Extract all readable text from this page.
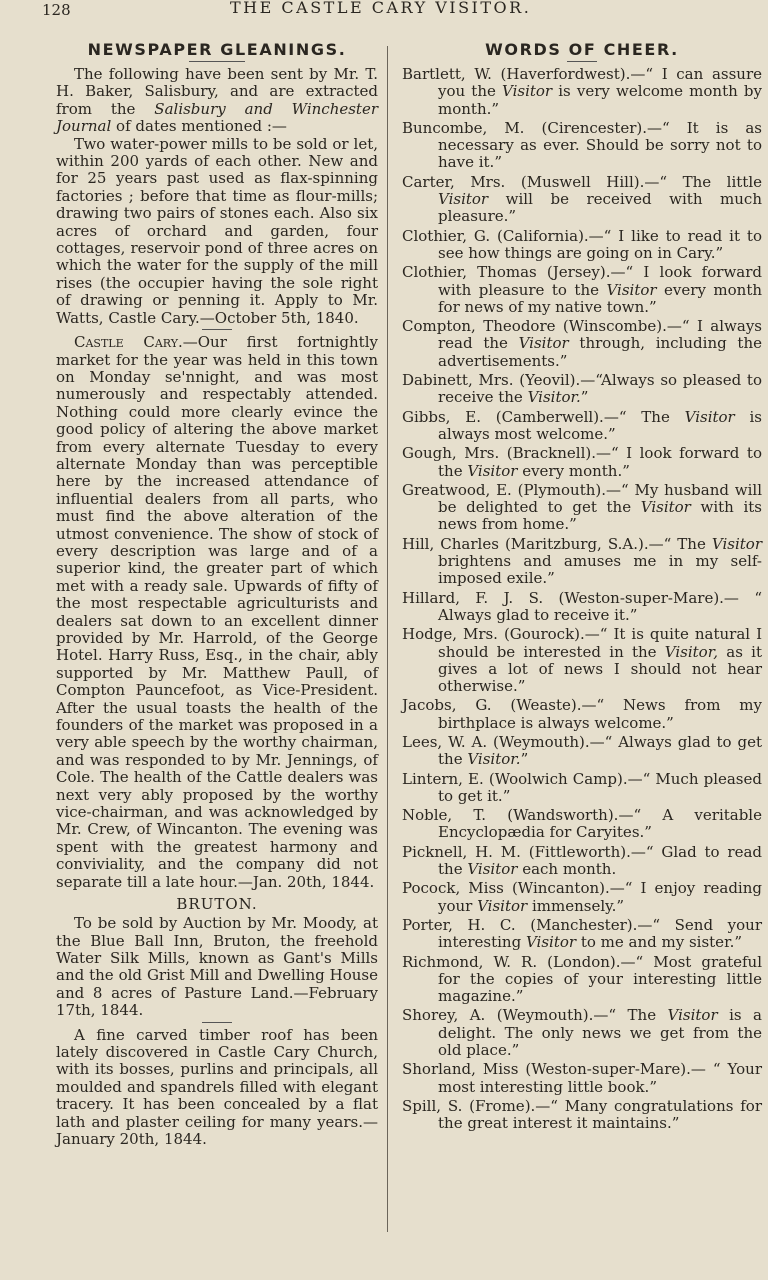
128	THE CASTLE CARY VISITOR.
NEWSPAPER GLEANINGS.

The following have been sent by Mr. T. H. Baker, Salisbury, and are extracted from the Salisbury and Winchester Journal of dates mentioned :—

Two water-power mills to be sold or let, within 200 yards of each other. New and for 25 years past used as flax-spinning factories ; before that time as flour-mills; drawing two pairs of stones each. Also six acres of orchard and garden, four cottages, reservoir pond of three acres on which the water for the supply of the mill rises (the occupier having the sole right of drawing or penning it. Apply to Mr. Watts, Castle Cary.—October 5th, 1840.

Castle Cary.—Our first fortnightly market for the year was held in this town on Monday se'nnight, and was most numerously and respectably attended. Nothing could more clearly evince the good policy of altering the above market from every alternate Tuesday to every alternate Monday than was perceptible here by the increased attendance of influential dealers from all parts, who must find the above alteration of the utmost convenience. The show of stock of every description was large and of a superior kind, the greater part of which met with a ready sale. Upwards of fifty of the most respectable agriculturists and dealers sat down to an excellent dinner provided by Mr. Harrold, of the George Hotel. Harry Russ, Esq., in the chair, ably supported by Mr. Matthew Paull, of Compton Pauncefoot, as Vice-President. After the usual toasts the health of the founders of the market was proposed in a very able speech by the worthy chairman, and was responded to by Mr. Jennings, of Cole. The health of the Cattle dealers was next very ably proposed by the worthy vice-chairman, and was acknowledged by Mr. Crew, of Wincanton. The evening was spent with the greatest harmony and conviviality, and the company did not separate till a late hour.—Jan. 20th, 1844.

BRUTON.

To be sold by Auction by Mr. Moody, at the Blue Ball Inn, Bruton, the freehold Water Silk Mills, known as Gant's Mills and the old Grist Mill and Dwelling House and 8 acres of Pasture Land.—February 17th, 1844.

A fine carved timber roof has been lately discovered in Castle Cary Church, with its bosses, purlins and principals, all moulded and spandrels filled with elegant tracery. It has been concealed by a flat lath and plaster ceiling for many years.—January 20th, 1844.

WORDS OF CHEER.

Bartlett, W. (Haverfordwest).—“ I can assure you the Visitor is very welcome month by month.”

Buncombe, M. (Cirencester).—“ It is as necessary as ever. Should be sorry not to have it.”

Carter, Mrs. (Muswell Hill).—“ The little Visitor will be received with much pleasure.”

Clothier, G. (California).—“ I like to read it to see how things are going on in Cary.”

Clothier, Thomas (Jersey).—“ I look forward with pleasure to the Visitor every month for news of my native town.”

Compton, Theodore (Winscombe).—“ I always read the Visitor through, including the advertisements.”

Dabinett, Mrs. (Yeovil).—“Always so pleased to receive the Visitor.”

Gibbs, E. (Camberwell).—“ The Visitor is always most welcome.”

Gough, Mrs. (Bracknell).—“ I look forward to the Visitor every month.”

Greatwood, E. (Plymouth).—“ My husband will be delighted to get the Visitor with its news from home.”

Hill, Charles (Maritzburg, S.A.).—“ The Visitor brightens and amuses me in my self-imposed exile.”

Hillard, F. J. S. (Weston-super-Mare).— “ Always glad to receive it.”

Hodge, Mrs. (Gourock).—“ It is quite natural I should be interested in the Visitor, as it gives a lot of news I should not hear otherwise.”

Jacobs, G. (Weaste).—“ News from my birthplace is always welcome.”

Lees, W. A. (Weymouth).—“ Always glad to get the Visitor.”

Lintern, E. (Woolwich Camp).—“ Much pleased to get it.”

Noble, T. (Wandsworth).—“ A veritable Encyclopædia for Caryites.”

Picknell, H. M. (Fittleworth).—“ Glad to read the Visitor each month.

Pocock, Miss (Wincanton).—“ I enjoy reading your Visitor immensely.”

Porter, H. C. (Manchester).—“ Send your interesting Visitor to me and my sister.”

Richmond, W. R. (London).—“ Most grateful for the copies of your interesting little magazine.”

Shorey, A. (Weymouth).—“ The Visitor is a delight. The only news we get from the old place.”

Shorland, Miss (Weston-super-Mare).— “ Your most interesting little book.”

Spill, S. (Frome).—“ Many congratulations for the great interest it maintains.”
